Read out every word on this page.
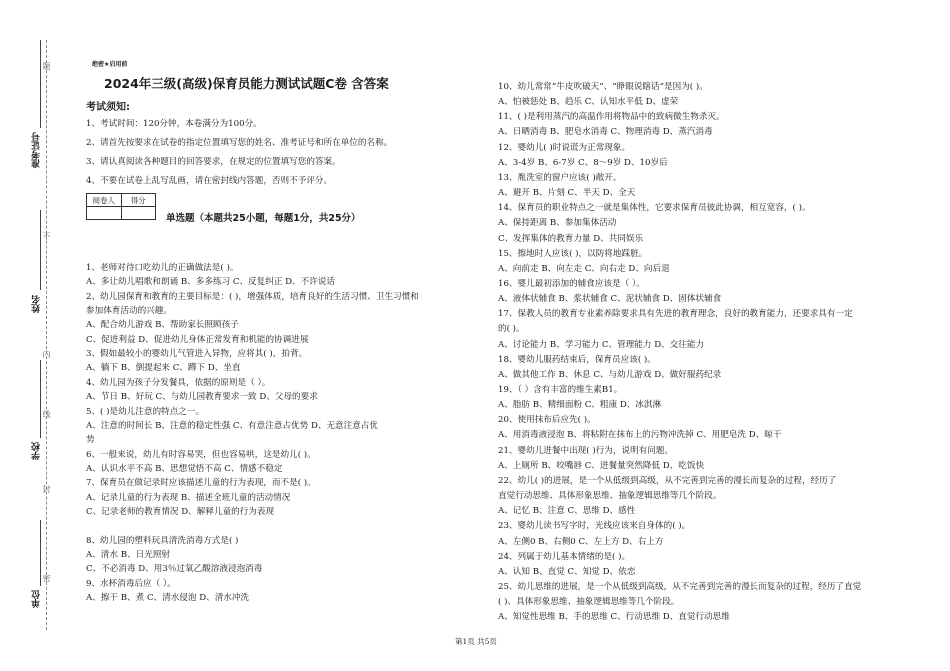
准考证号
姓名
学校
单位
题
不
内
线
封
密
绝密★启用前
2024年三级(高级)保育员能力测试试题C卷 含答案
考试须知:
1、考试时间：120分钟，本卷满分为100分。
2、请首先按要求在试卷的指定位置填写您的姓名、准考证号和所在单位的名称。
3、请认真阅读各种题目的回答要求，在规定的位置填写您的答案。
4、不要在试卷上乱写乱画，请在密封线内答题，否则不予评分。
阅卷人	得分

单选题（本题共25小题，每题1分，共25分）
1、老师对待口吃幼儿的正确做法是( )。
A、多让幼儿唱歌和朗诵 B、多多练习 C、反复纠正 D、不许说话
2、幼儿园保育和教育的主要目标是：( )，增强体质，培育良好的生活习惯、卫生习惯和
参加体育活动的兴趣。
A、配合幼儿游戏 B、帮助家长照顾孩子
C、促进利益 D、促进幼儿身体正常发育和机能的协调进展
3、假如最较小的婴幼儿气管进入异物，应将其( )，拍背。
A、躺下 B、倒提起来 C、蹲下 D、坐直
4、幼儿园为孩子分发餐具，依据的原则是（ ）。
A、节日 B、好玩 C、与幼儿园教育要求一致 D、父母的要求
5、( )是幼儿注意的特点之一。
A、注意的时间长 B、注意的稳定性强 C、有意注意占优势 D、无意注意占优
势
6、一般来说，幼儿有时容易哭，但也容易哄，这是幼儿( )。
A、认识水平不高 B、思想觉悟不高 C、情感不稳定
7、保育员在做记录时应该描述儿童的行为表现，而不是( )。
A、记录儿童的行为表现 B、描述全班儿童的活动情况
C、记录老师的教育情况 D、解释儿童的行为表现
8、幼儿园的塑料玩具清洗消毒方式是( )
A、清水 B、日光照射
C、不必消毒 D、用3％过氧乙酸溶液浸泡消毒
9、水杯消毒后应（ ）。
A、擦干 B、煮 C、清水侵泡 D、清水冲洗
10、幼儿常常“牛皮吹破天”、“睁眼说瞎话”是因为( )。
A、怕被惩处 B、趋乐 C、认知水平低 D、虚荣
11、( )是利用蒸汽的高温作用将物品中的致病微生物杀灭。
A、日晒消毒 B、肥皂水消毒 C、物理消毒 D、蒸汽消毒
12、婴幼儿( )时说谎为正常现象。
A、3-4岁 B、6-7岁 C、8～9岁 D、10岁后
13、胤洗室的窗户应该( )敞开。
A、避开 B、片刻 C、半天 D、全天
14、保育员的职业特点之一就是集体性，它要求保育员彼此协调，相互宽容，( )。
A、保持距离 B、参加集体活动
C、发挥集体的教育力量 D、共同娱乐
15、擦地时人应该( )，以防将地踩脏。
A、向前走 B、向左走 C、向右走 D、向后退
16、婴儿最初添加的辅食应该是（ ）。
A、液体状辅食 B、浆状辅食 C、泥状辅食 D、固体状辅食
17、保教人员的教育专业素养除要求具有先进的教育理念，良好的教育能力，还要求具有一定
的( )。
A、讨论能力 B、学习能力 C、管理能力 D、交往能力
18、婴幼儿服药结束后，保育员应该( )。
A、做其他工作 B、休息 C、与幼儿游戏 D、做好服药纪录
19、（ ）含有丰富的维生素B1。
A、脂肪 B、精细面粉 C、粗康 D、冰淇淋
20、使用抹布后应先( )。
A、用消毒液浸泡 B、将粘附在抹布上的污物冲洗掉 C、用肥皂洗 D、晾干
21、婴幼儿进餐中出现( )行为，说明有问题。
A、上厕所 B、咬嘴唇 C、进餐量突然降低 D、吃饭快
22、幼儿( )的进展，是一个从低级到高级，从不完善到完善的漫长而复杂的过程，经历了
直觉行动思维、具体形象思维、抽象逻辑思维等几个阶段。
A、记忆 B、注意 C、思维 D、感性
23、婴幼儿读书写字时，光线应该来自身体的( )。
A、左侧0 B、右侧0 C、左上方 D、右上方
24、列属于幼儿基本情绪的是( )。
A、认知 B、直觉 C、知觉 D、依恋
25、幼儿思维的进展，是一个从低级到高级，从不完善到完善的漫长而复杂的过程，经历了直觉
( )、具体形象思维、抽象逻辑思维等几个阶段。
A、知觉性思维 B、手的思维 C、行动思维 D、直觉行动思维
第1页 共5页
